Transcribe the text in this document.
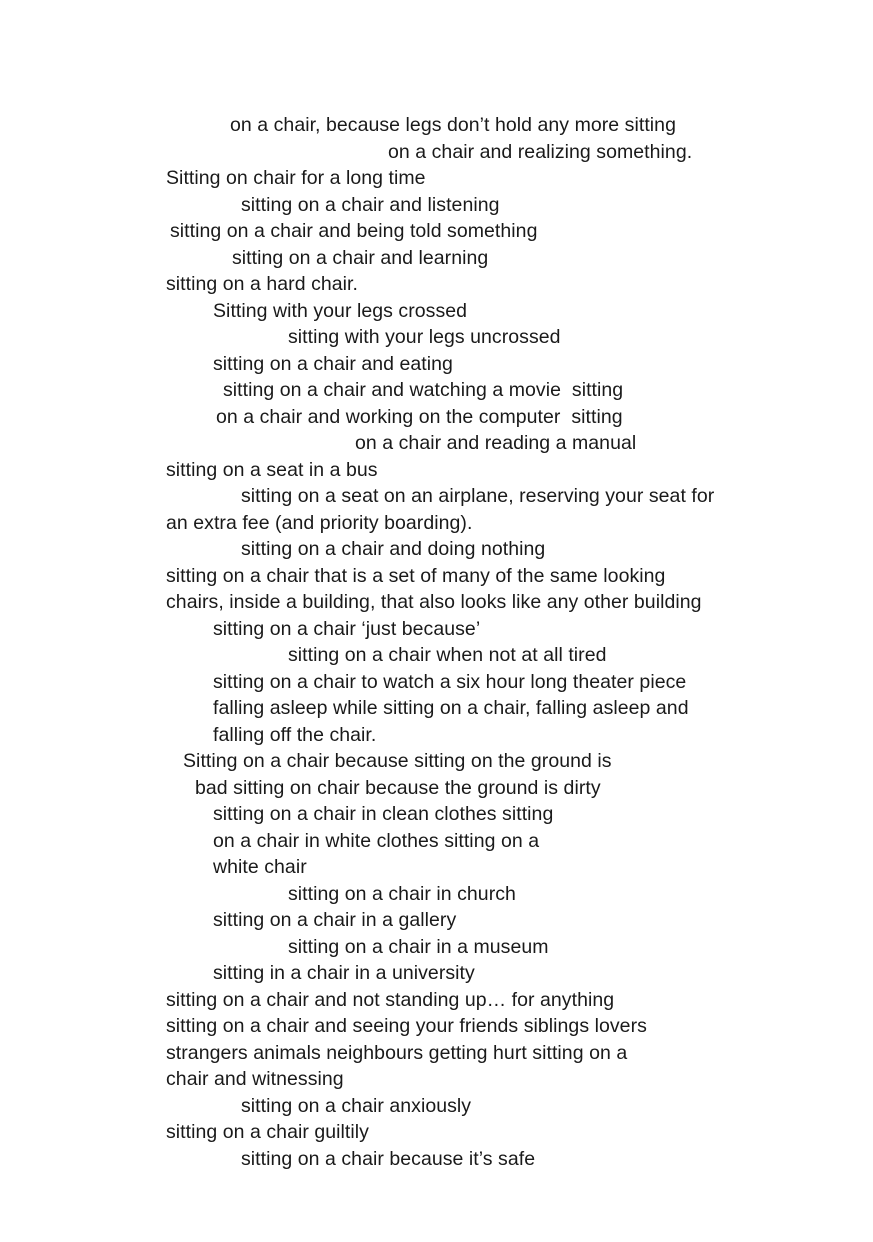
on a chair, because legs don’t hold any more sitting
on a chair and realizing something.
Sitting on chair for a long time
sitting on a chair and listening
sitting on a chair and being told something
sitting on a chair and learning
sitting on a hard chair.
Sitting with your legs crossed
sitting with your legs uncrossed
sitting on a chair and eating
sitting on a chair and watching a movie  sitting
on a chair and working on the computer  sitting
on a chair and reading a manual
sitting on a seat in a bus
sitting on a seat on an airplane, reserving your seat for
an extra fee (and priority boarding).
sitting on a chair and doing nothing
sitting on a chair that is a set of many of the same looking
chairs, inside a building, that also looks like any other building
sitting on a chair ‘just because’
sitting on a chair when not at all tired
sitting on a chair to watch a six hour long theater piece
falling asleep while sitting on a chair, falling asleep and
falling off the chair.
Sitting on a chair because sitting on the ground is
bad sitting on chair because the ground is dirty
sitting on a chair in clean clothes sitting
on a chair in white clothes sitting on a
white chair
sitting on a chair in church
sitting on a chair in a gallery
sitting on a chair in a museum
sitting in a chair in a university
sitting on a chair and not standing up… for anything
sitting on a chair and seeing your friends siblings lovers
strangers animals neighbours getting hurt sitting on a
chair and witnessing
sitting on a chair anxiously
sitting on a chair guiltily
sitting on a chair because it’s safe
